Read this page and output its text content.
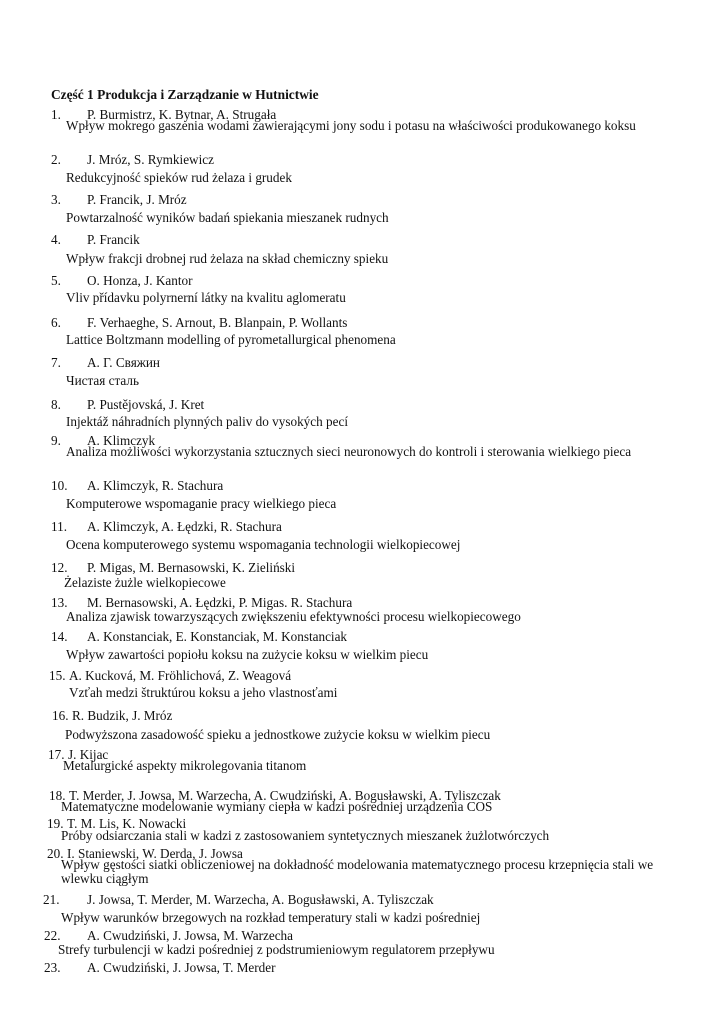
Część 1 Produkcja i Zarządzanie w Hutnictwie
1. P. Burmistrz, K. Bytnar, A. Strugała
Wpływ mokrego gaszenia wodami zawierającymi jony sodu i potasu na właściwości produkowanego koksu
2. J. Mróz, S. Rymkiewicz
Redukcyjność spieków rud żelaza i grudek
3. P. Francik, J. Mróz
Powtarzalność wyników badań spiekania mieszanek rudnych
4. P. Francik
Wpływ frakcji drobnej rud żelaza na skład chemiczny spieku
5. O. Honza, J. Kantor
Vliv přídavku polyrnerní látky na kvalitu aglomeratu
6. F. Verhaeghe, S. Arnout, B. Blanpain, P. Wollants
Lattice Boltzmann modelling of pyrometallurgical phenomena
7. A. Г. Свяжин
Чистая сталь
8. P. Pustějovská, J. Kret
Injektáž náhradních plynných paliv do vysokých pecí
9. A. Klimczyk
Analiza możliwości wykorzystania sztucznych sieci neuronowych do kontroli i sterowania wielkiego pieca
10. A. Klimczyk, R. Stachura
Komputerowe wspomaganie pracy wielkiego pieca
11. A. Klimczyk, A. Łędzki, R. Stachura
Ocena komputerowego systemu wspomagania technologii wielkopiecowej
12. P. Migas, M. Bernasowski, K. Zieliński
Żelaziste żużle wielkopiecowe
13. M. Bernasowski, A. Łędzki, P. Migas. R. Stachura
Analiza zjawisk towarzyszących zwiększeniu efektywności procesu wielkopiecowego
14. A. Konstanciak, E. Konstanciak, M. Konstanciak
Wpływ zawartości popiołu koksu na zużycie koksu w wielkim piecu
15. A. Kucková, M. Fröhlichová, Z. Weagová
Vzťah medzi štruktúrou koksu a jeho vlastnosťami
16. R. Budzik, J. Mróz
Podwyższona zasadowość spieku a jednostkowe zużycie koksu w wielkim piecu
17. J. Kijac
Metalurgické aspekty mikrolegovania titanom
18. T. Merder, J. Jowsa, M. Warzecha, A. Cwudziński, A. Bogusławski, A. Tyliszczak
Matematyczne modelowanie wymiany ciepła w kadzi pośredniej urządzenia COS
19. T. M. Lis, K. Nowacki
Próby odsiarczania stali w kadzi z zastosowaniem syntetycznych mieszanek żużlotwórczych
20. I. Staniewski, W. Derda, J. Jowsa
Wpływ gęstości siatki obliczeniowej na dokładność modelowania matematycznego procesu krzepnięcia stali we wlewku ciągłym
21. J. Jowsa, T. Merder, M. Warzecha, A. Bogusławski, A. Tyliszczak
Wpływ warunków brzegowych na rozkład temperatury stali w kadzi pośredniej
22. A. Cwudziński, J. Jowsa, M. Warzecha
Strefy turbulencji w kadzi pośredniej z podstrumieniowym regulatorem przepływu
23. A. Cwudziński, J. Jowsa, T. Merder
